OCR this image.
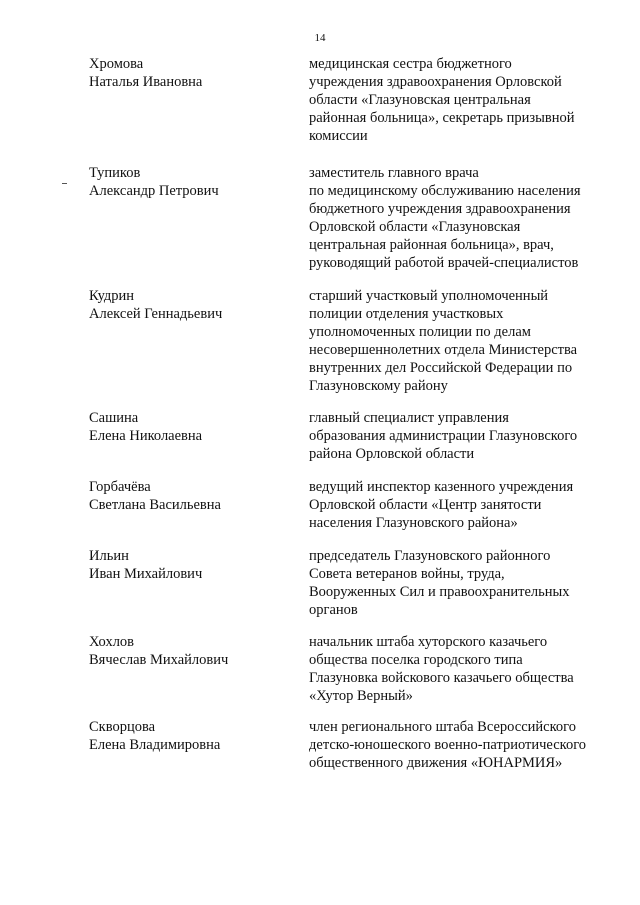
14
Хромова
Наталья Ивановна
медицинская сестра бюджетного
учреждения здравоохранения Орловской
области «Глазуновская центральная
районная больница», секретарь призывной
комиссии
Тупиков
Александр Петрович
заместитель главного врача
по медицинскому обслуживанию населения
бюджетного учреждения здравоохранения
Орловской области «Глазуновская
центральная районная больница», врач,
руководящий работой врачей-специалистов
Кудрин
Алексей Геннадьевич
старший участковый уполномоченный
полиции отделения участковых
уполномоченных полиции по делам
несовершеннолетних отдела Министерства
внутренних дел Российской Федерации по
Глазуновскому району
Сашина
Елена Николаевна
главный специалист управления
образования администрации Глазуновского
района Орловской области
Горбачёва
Светлана Васильевна
ведущий инспектор казенного учреждения
Орловской области «Центр занятости
населения Глазуновского района»
Ильин
Иван Михайлович
председатель Глазуновского районного
Совета ветеранов войны, труда,
Вооруженных Сил и правоохранительных
органов
Хохлов
Вячеслав Михайлович
начальник штаба хуторского казачьего
общества поселка городского типа
Глазуновка войскового казачьего общества
«Хутор Верный»
Скворцова
Елена Владимировна
член регионального штаба Всероссийского
детско-юношеского военно-патриотического
общественного движения «ЮНАРМИЯ»
